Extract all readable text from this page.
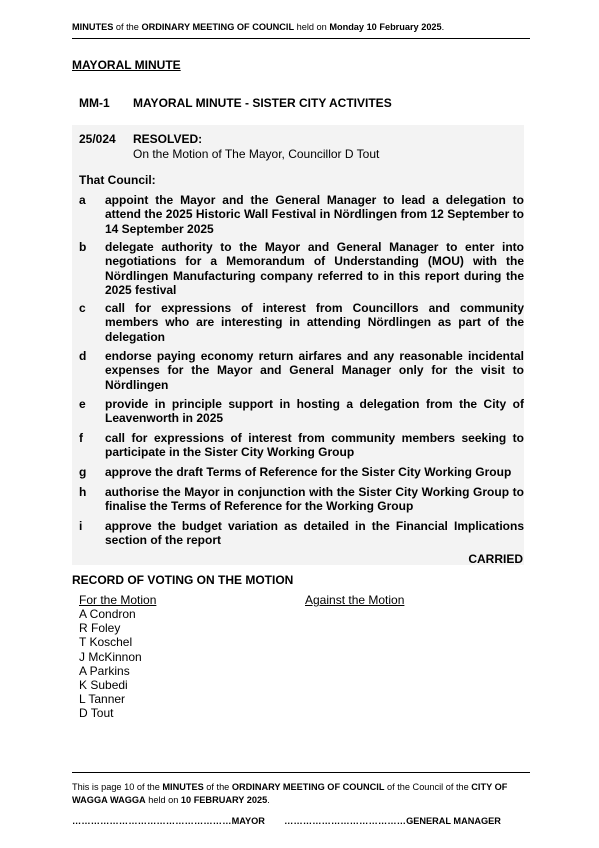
MINUTES of the ORDINARY MEETING OF COUNCIL held on Monday 10 February 2025.
MAYORAL MINUTE
MM-1 MAYORAL MINUTE - SISTER CITY ACTIVITES
25/024 RESOLVED:
On the Motion of The Mayor, Councillor D Tout
That Council:
a appoint the Mayor and the General Manager to lead a delegation to attend the 2025 Historic Wall Festival in Nördlingen from 12 September to 14 September 2025
b delegate authority to the Mayor and General Manager to enter into negotiations for a Memorandum of Understanding (MOU) with the Nördlingen Manufacturing company referred to in this report during the 2025 festival
c call for expressions of interest from Councillors and community members who are interesting in attending Nördlingen as part of the delegation
d endorse paying economy return airfares and any reasonable incidental expenses for the Mayor and General Manager only for the visit to Nördlingen
e provide in principle support in hosting a delegation from the City of Leavenworth in 2025
f call for expressions of interest from community members seeking to participate in the Sister City Working Group
g approve the draft Terms of Reference for the Sister City Working Group
h authorise the Mayor in conjunction with the Sister City Working Group to finalise the Terms of Reference for the Working Group
i approve the budget variation as detailed in the Financial Implications section of the report
CARRIED
RECORD OF VOTING ON THE MOTION
For the Motion	Against the Motion
A Condron
R Foley
T Koschel
J McKinnon
A Parkins
K Subedi
L Tanner
D Tout
This is page 10 of the MINUTES of the ORDINARY MEETING OF COUNCIL of the Council of the CITY OF WAGGA WAGGA held on 10 FEBRUARY 2025.
……………………………………………MAYOR …………………………………GENERAL MANAGER
